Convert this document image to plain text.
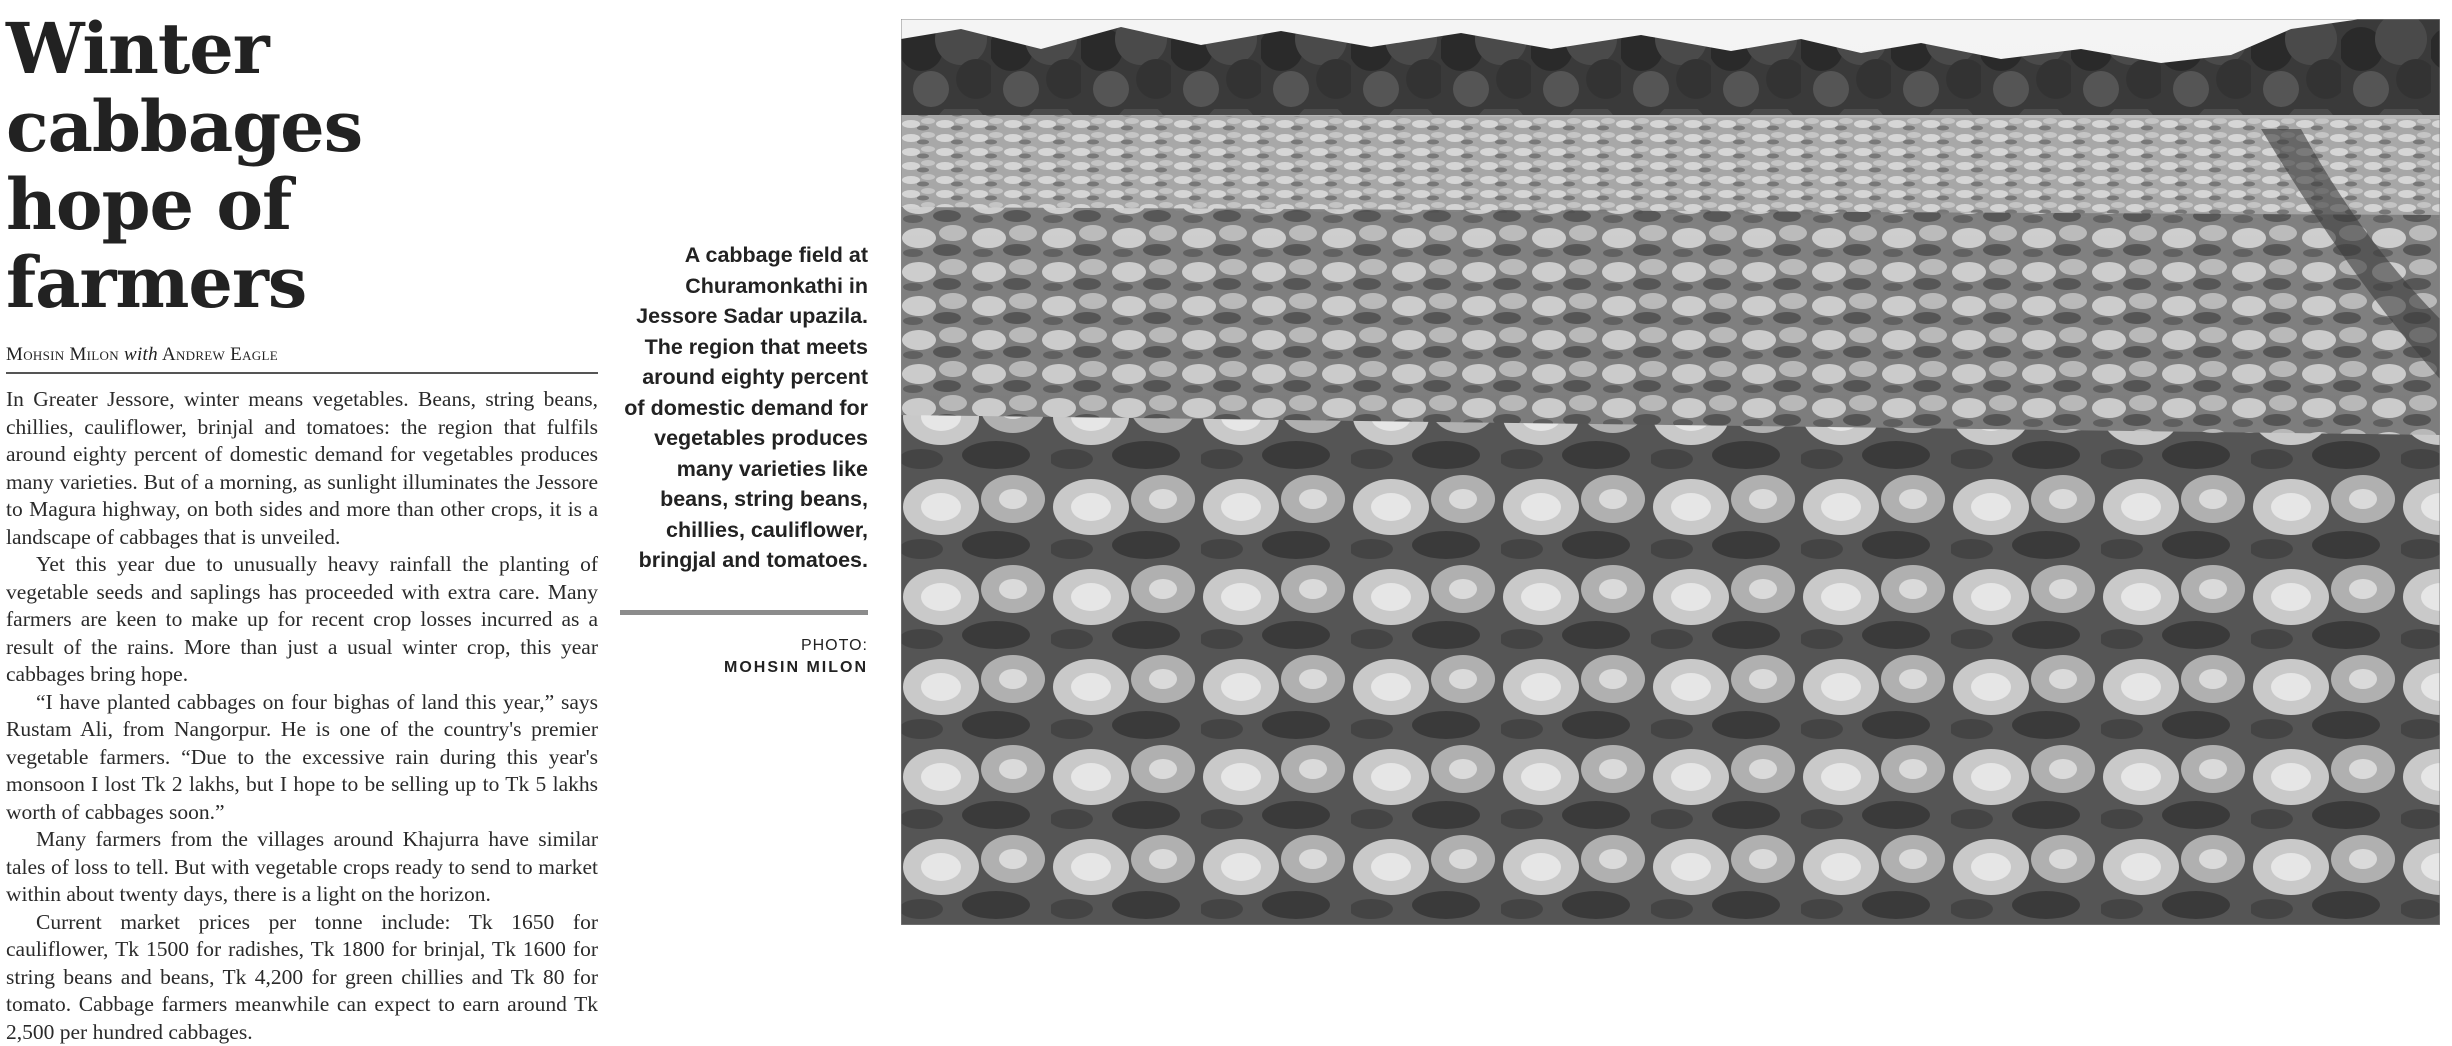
Winter cabbages
hope of farmers
Mohsin Milon with Andrew Eagle

In Greater Jessore, winter means vegetables. Beans, string beans, chillies, cauliflower, brinjal and tomatoes: the region that fulfils around eighty percent of domestic demand for vegetables produces many varieties. But of a morning, as sunlight illuminates the Jessore to Magura highway, on both sides and more than other crops, it is a landscape of cabbages that is unveiled.

Yet this year due to unusually heavy rainfall the planting of vegetable seeds and saplings has proceeded with extra care. Many farmers are keen to make up for recent crop losses incurred as a result of the rains. More than just a usual winter crop, this year cabbages bring hope.

“I have planted cabbages on four bighas of land this year,” says Rustam Ali, from Nangorpur. He is one of the country's premier vegetable farmers. “Due to the excessive rain during this year's monsoon I lost Tk 2 lakhs, but I hope to be selling up to Tk 5 lakhs worth of cabbages soon.”

Many farmers from the villages around Khajurra have similar tales of loss to tell. But with vegetable crops ready to send to market within about twenty days, there is a light on the horizon.

Current market prices per tonne include: Tk 1650 for cauliflower, Tk 1500 for radishes, Tk 1800 for brinjal, Tk 1600 for string beans and beans, Tk 4,200 for green chillies and Tk 80 for tomato. Cabbage farmers meanwhile can expect to earn around Tk 2,500 per hundred cabbages.

A cabbage field at Churamonkathi in Jessore Sadar upazila. The region that meets around eighty percent of domestic demand for vegetables produces many varieties like beans, string beans, chillies, cauliflower, bringjal and tomatoes.

PHOTO:
MOHSIN MILON
